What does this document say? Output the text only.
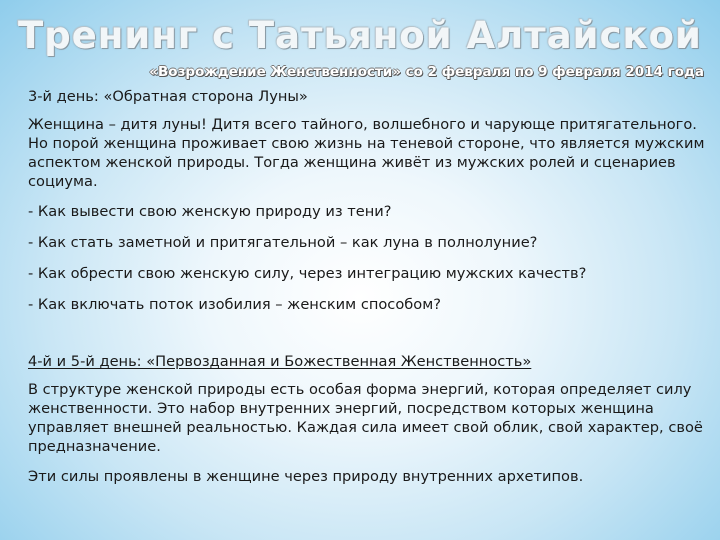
Тренинг с Татьяной Алтайской
«Возрождение Женственности» со 2 февраля по 9 февраля 2014 года
3-й день: «Обратная сторона Луны»

Женщина – дитя луны! Дитя всего тайного, волшебного и чарующе притягательного. Но порой женщина проживает свою жизнь на теневой стороне, что является мужским аспектом женской природы. Тогда женщина живёт из мужских ролей и сценариев социума.

- Как вывести свою женскую природу из тени?

- Как стать заметной и притягательной – как луна в полнолуние?

- Как обрести свою женскую силу, через интеграцию мужских качеств?

- Как включать поток изобилия – женским способом?

4-й и 5-й день: «Первозданная и Божественная Женственность»

В структуре женской природы есть особая форма энергий, которая определяет силу женственности. Это набор внутренних энергий, посредством которых женщина управляет внешней реальностью. Каждая сила имеет свой облик, свой характер, своё предназначение.

Эти силы проявлены в женщине через природу внутренних архетипов.
